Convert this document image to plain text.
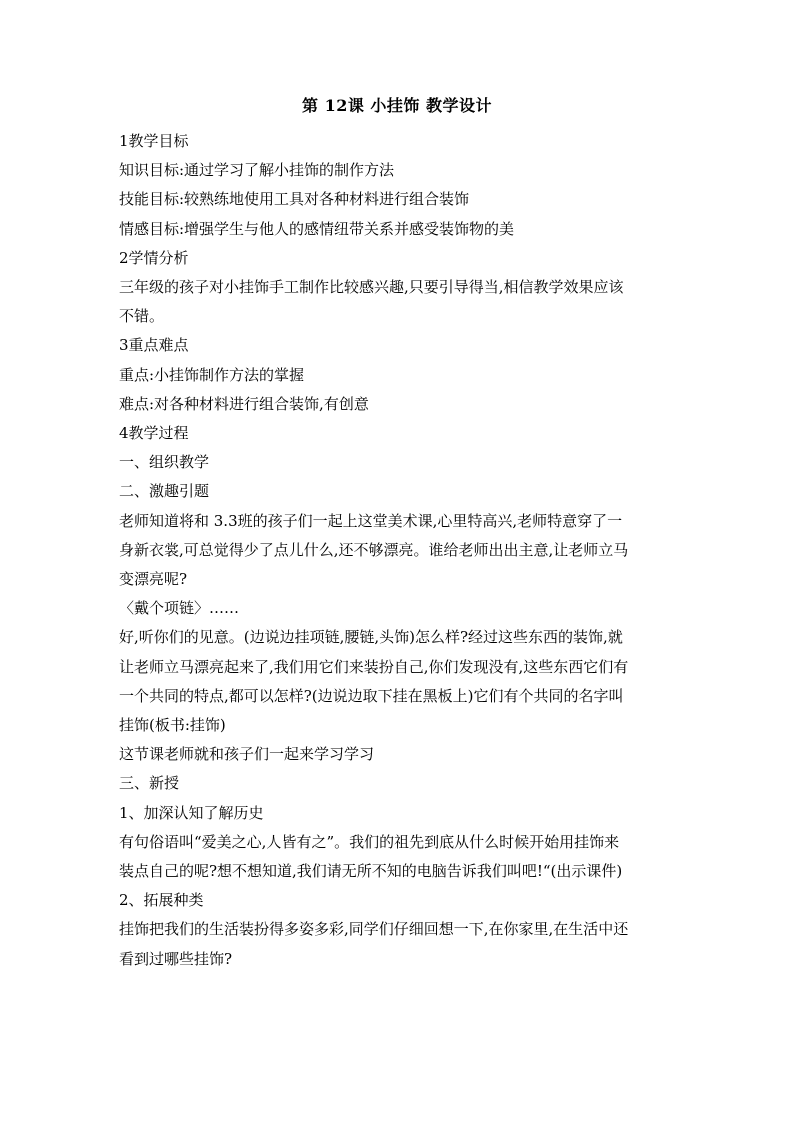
第 12课 小挂饰 教学设计
1教学目标
知识目标:通过学习了解小挂饰的制作方法
技能目标:较熟练地使用工具对各种材料进行组合装饰
情感目标:增强学生与他人的感情纽带关系并感受装饰物的美
2学情分析
三年级的孩子对小挂饰手工制作比较感兴趣,只要引导得当,相信教学效果应该
不错。
3重点难点
重点:小挂饰制作方法的掌握
难点:对各种材料进行组合装饰,有创意
4教学过程
一、组织教学
二、激趣引题
老师知道将和 3.3班的孩子们一起上这堂美术课,心里特高兴,老师特意穿了一
身新衣裳,可总觉得少了点儿什么,还不够漂亮。谁给老师出出主意,让老师立马
变漂亮呢?
〈戴个项链〉……
好,听你们的见意。(边说边挂项链,腰链,头饰)怎么样?经过这些东西的装饰,就
让老师立马漂亮起来了,我们用它们来装扮自己,你们发现没有,这些东西它们有
一个共同的特点,都可以怎样?(边说边取下挂在黑板上)它们有个共同的名字叫
挂饰(板书:挂饰)
这节课老师就和孩子们一起来学习学习
三、新授
1、加深认知了解历史
有句俗语叫“爱美之心,人皆有之”。我们的祖先到底从什么时候开始用挂饰来
装点自己的呢?想不想知道,我们请无所不知的电脑告诉我们叫吧!“(出示课件)
2、拓展种类
挂饰把我们的生活装扮得多姿多彩,同学们仔细回想一下,在你家里,在生活中还
看到过哪些挂饰?
